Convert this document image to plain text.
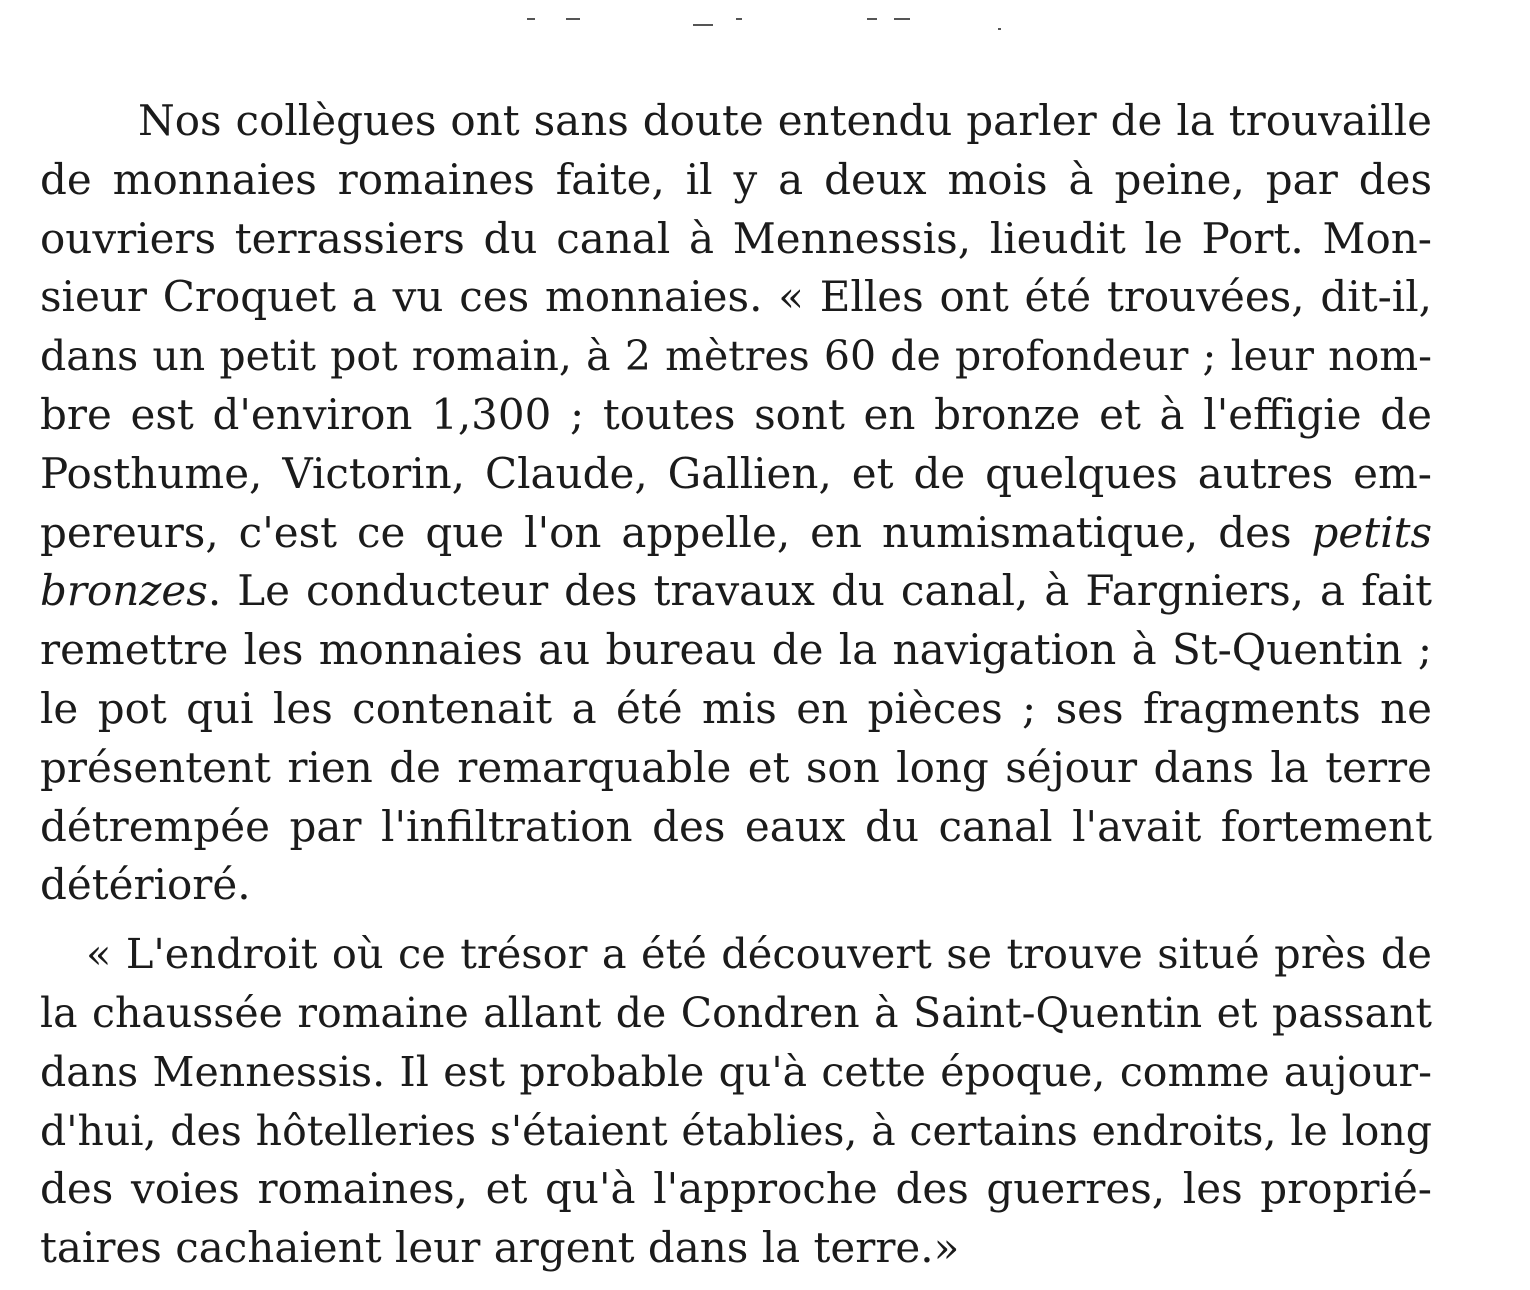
Nos collègues ont sans doute entendu parler de la trouvaille
de monnaies romaines faite, il y a deux mois à peine, par des
ouvriers terrassiers du canal à Mennessis, lieudit le Port. Mon-
sieur Croquet a vu ces monnaies. « Elles ont été trouvées, dit-il,
dans un petit pot romain, à 2 mètres 60 de profondeur ; leur nom-
bre est d'environ 1,300 ; toutes sont en bronze et à l'effigie de
Posthume, Victorin, Claude, Gallien, et de quelques autres em-
pereurs, c'est ce que l'on appelle, en numismatique, des petits
bronzes. Le conducteur des travaux du canal, à Fargniers, a fait
remettre les monnaies au bureau de la navigation à St-Quentin ;
le pot qui les contenait a été mis en pièces ; ses fragments ne
présentent rien de remarquable et son long séjour dans la terre
détrempée par l'infiltration des eaux du canal l'avait fortement
détérioré.
« L'endroit où ce trésor a été découvert se trouve situé près de
la chaussée romaine allant de Condren à Saint-Quentin et passant
dans Mennessis. Il est probable qu'à cette époque, comme aujour-
d'hui, des hôtelleries s'étaient établies, à certains endroits, le long
des voies romaines, et qu'à l'approche des guerres, les proprié-
taires cachaient leur argent dans la terre.»
